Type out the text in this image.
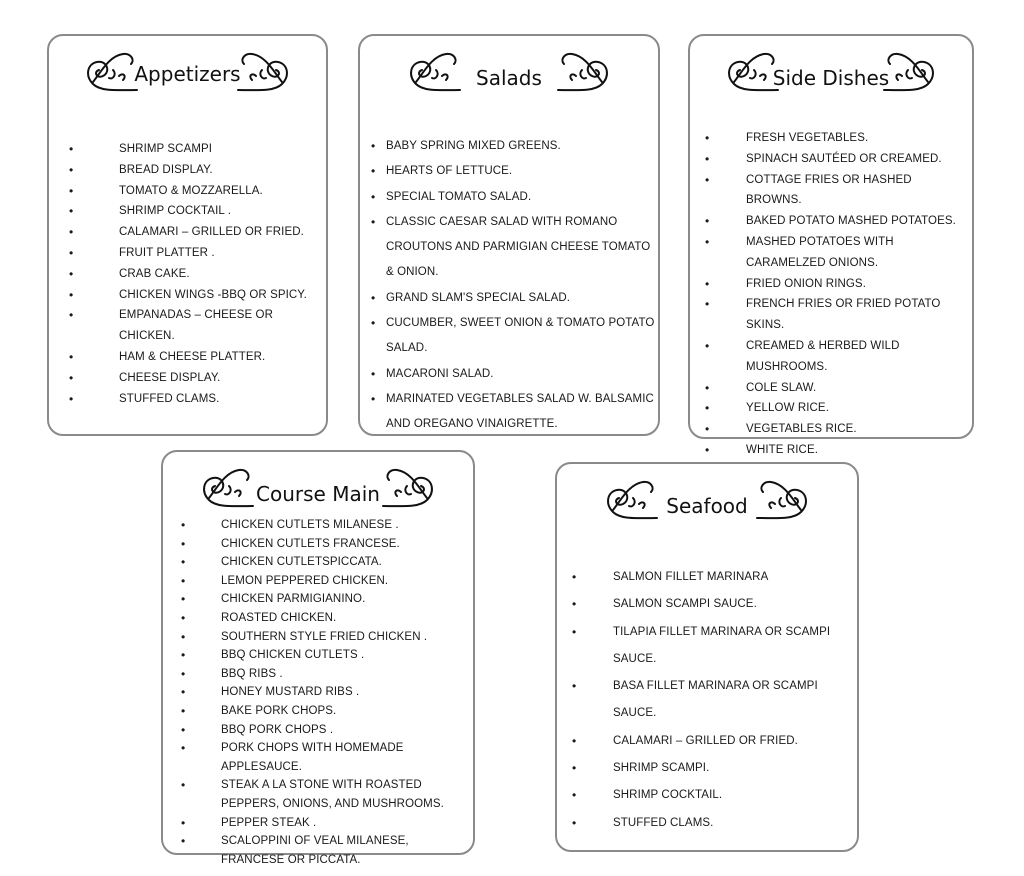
Appetizers
•	SHRIMP SCAMPI
•	BREAD DISPLAY.
•	TOMATO & MOZZARELLA.
•	SHRIMP COCKTAIL .
•	CALAMARI – GRILLED OR FRIED.
•	FRUIT PLATTER .
•	CRAB CAKE.
•	CHICKEN WINGS -BBQ OR SPICY.
•	EMPANADAS – CHEESE OR CHICKEN.
•	HAM & CHEESE PLATTER.
•	CHEESE DISPLAY.
•	STUFFED CLAMS.
Salads
• BABY SPRING MIXED GREENS.
• HEARTS OF LETTUCE.
• SPECIAL TOMATO SALAD.
• CLASSIC CAESAR SALAD WITH ROMANO CROUTONS AND PARMIGIAN CHEESE TOMATO & ONION.
• GRAND SLAM'S SPECIAL SALAD.
• CUCUMBER, SWEET ONION & TOMATO POTATO SALAD.
• MACARONI SALAD.
• MARINATED VEGETABLES SALAD W. BALSAMIC AND OREGANO VINAIGRETTE.
Side Dishes
•	FRESH VEGETABLES.
•	SPINACH SAUTÉED OR CREAMED.
•	COTTAGE FRIES OR HASHED BROWNS.
•	BAKED POTATO MASHED POTATOES.
•	MASHED POTATOES WITH CARAMELZED ONIONS.
•	FRIED ONION RINGS.
•	FRENCH FRIES OR FRIED POTATO SKINS.
•	CREAMED & HERBED WILD MUSHROOMS.
•	COLE SLAW.
•	YELLOW RICE.
•	VEGETABLES RICE.
•	WHITE RICE.
Course Main
•	CHICKEN CUTLETS MILANESE .
•	CHICKEN CUTLETS FRANCESE.
•	CHICKEN CUTLETSPICCATA.
•	LEMON PEPPERED CHICKEN.
•	CHICKEN PARMIGIANINO.
•	ROASTED CHICKEN.
•	SOUTHERN STYLE FRIED CHICKEN .
•	BBQ CHICKEN CUTLETS .
•	BBQ RIBS .
•	HONEY MUSTARD RIBS .
•	BAKE PORK CHOPS.
•	BBQ PORK CHOPS .
•	PORK CHOPS WITH HOMEMADE APPLESAUCE.
•	STEAK A LA STONE WITH ROASTED PEPPERS, ONIONS, AND MUSHROOMS.
•	PEPPER STEAK .
•	SCALOPPINI OF VEAL MILANESE, FRANCESE OR PICCATA.
Seafood
•	SALMON FILLET MARINARA
•	SALMON SCAMPI SAUCE.
•	TILAPIA FILLET MARINARA OR SCAMPI SAUCE.
•	BASA FILLET MARINARA OR SCAMPI SAUCE.
•	CALAMARI – GRILLED OR FRIED.
•	SHRIMP SCAMPI.
•	SHRIMP COCKTAIL.
•	STUFFED CLAMS.
